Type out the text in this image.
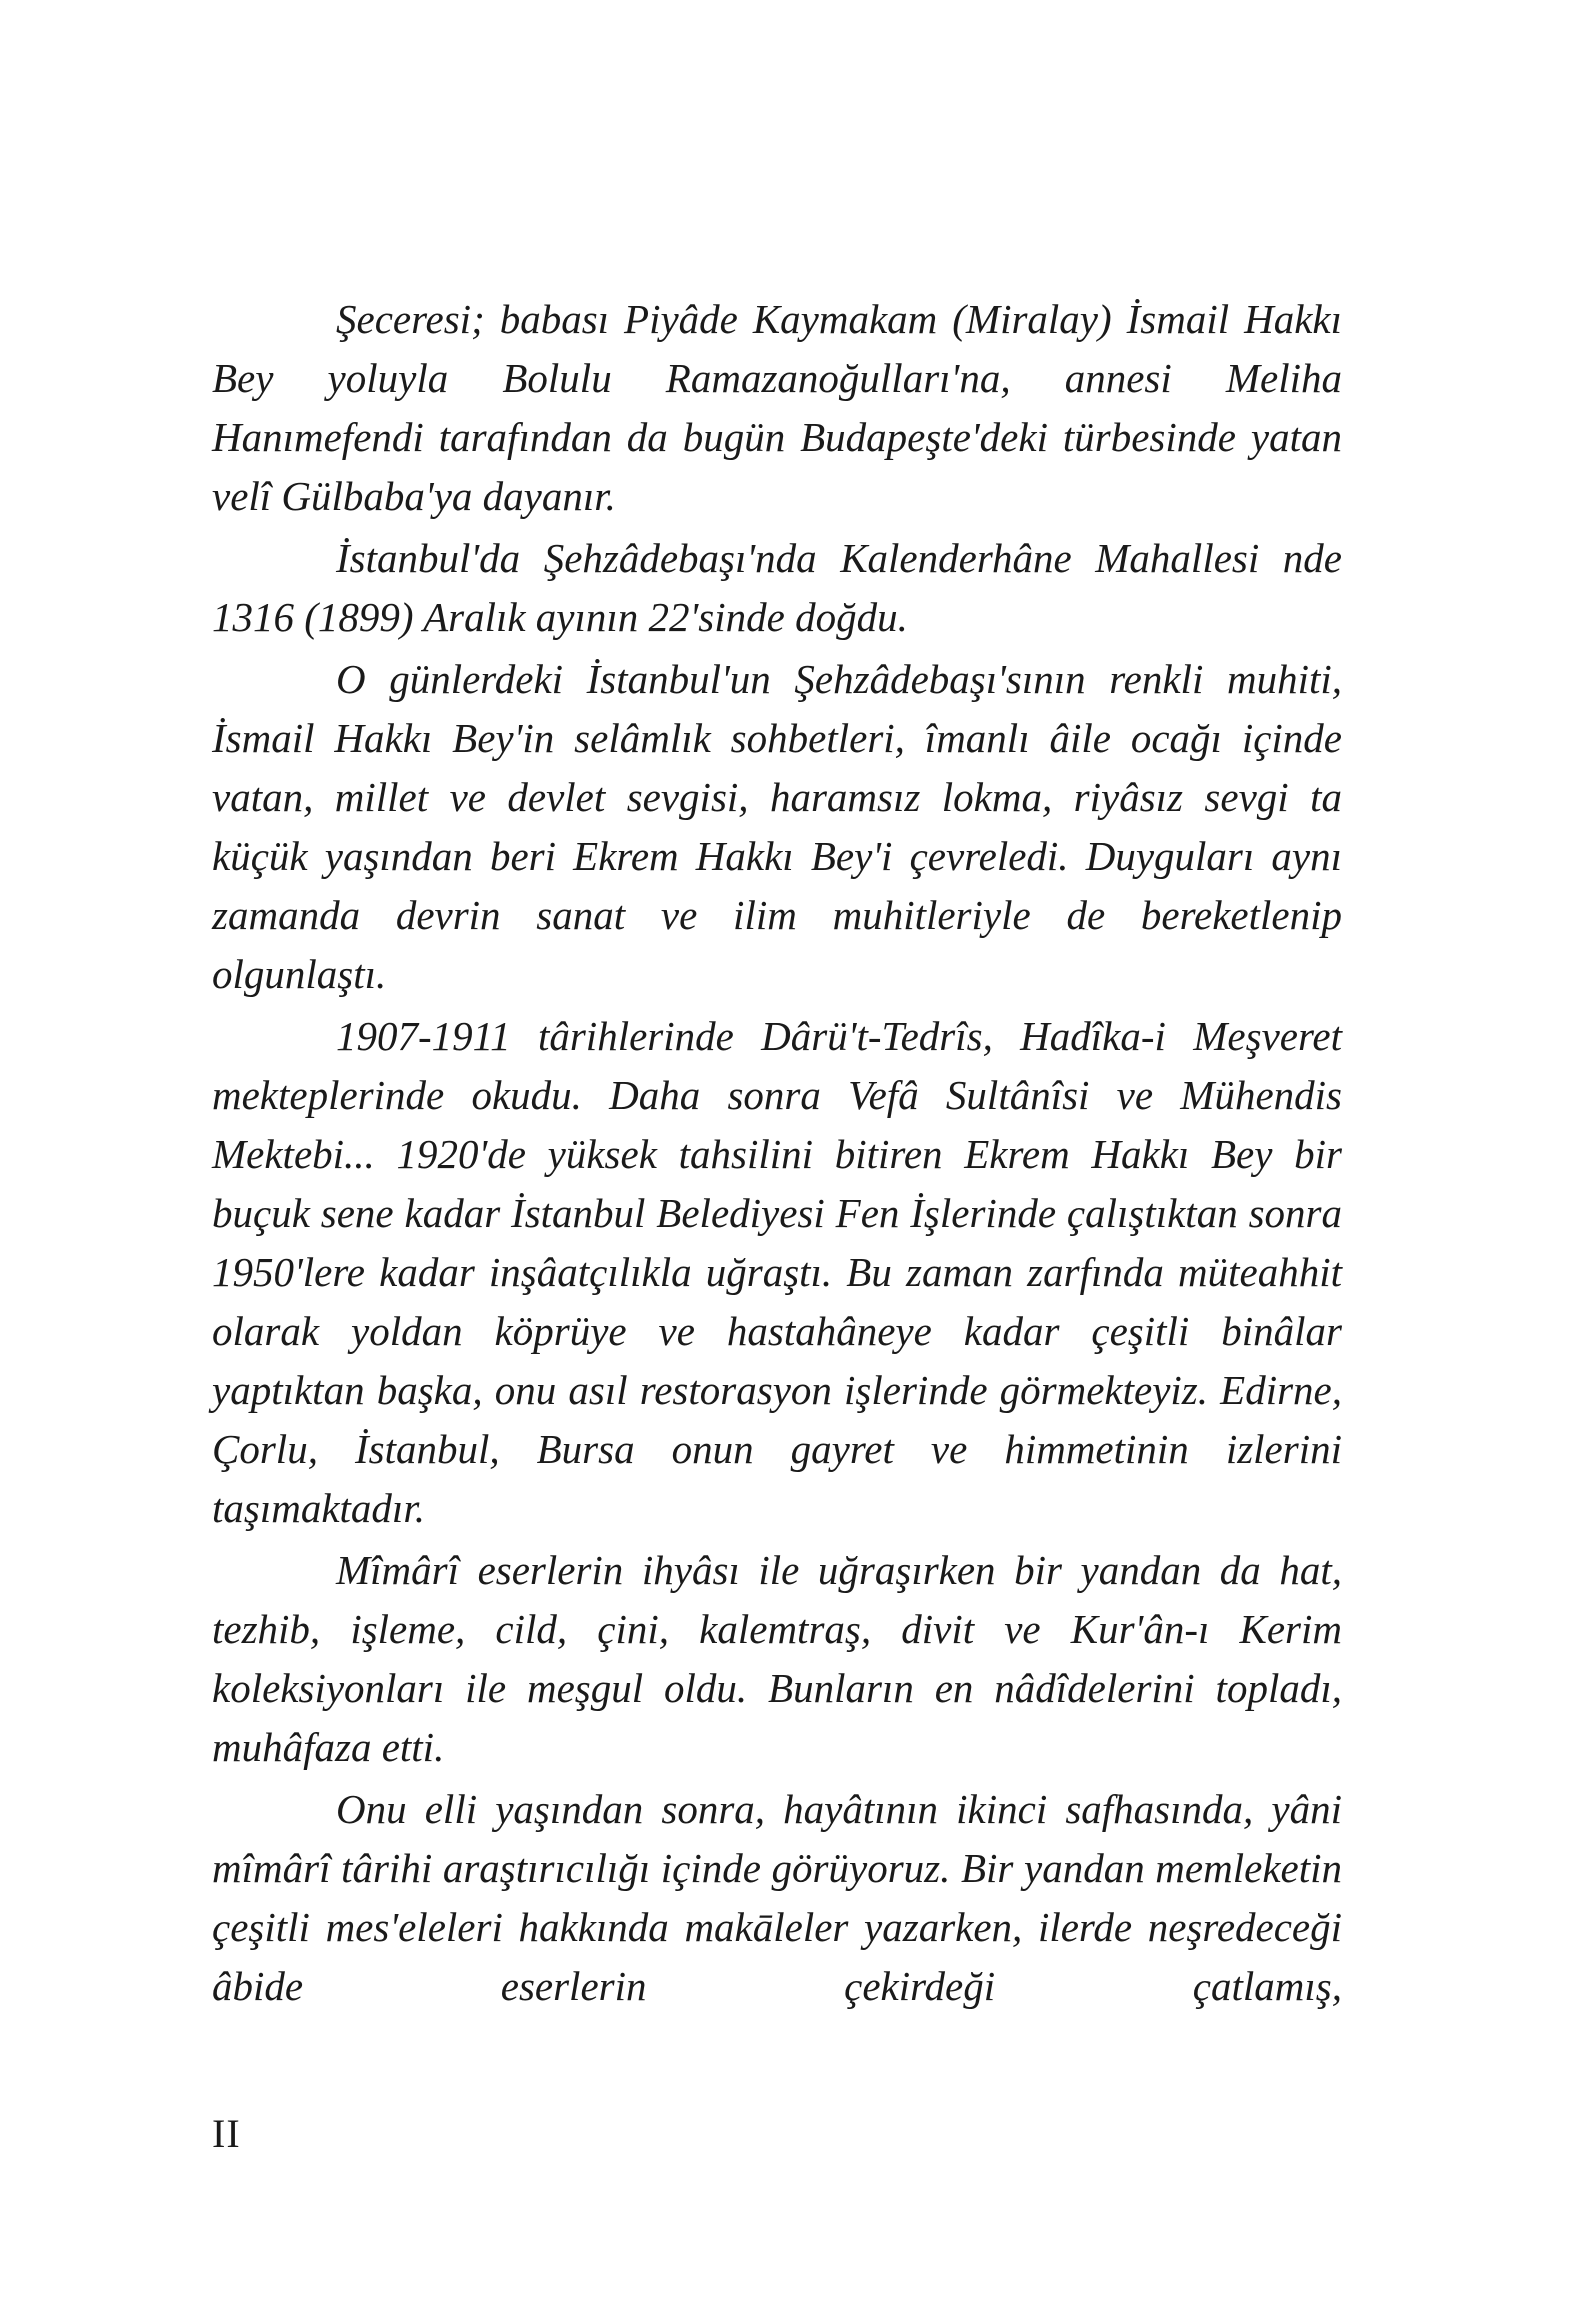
Şeceresi; babası Piyâde Kaymakam (Miralay) İsmail Hakkı Bey yoluyla Bolulu Ramazanoğulları'na, annesi Meliha Hanımefendi tarafından da bugün Budapeşte'deki türbesinde yatan velî Gülbaba'ya dayanır.

İstanbul'da Şehzâdebaşı'nda Kalenderhâne Mahallesi nde 1316 (1899) Aralık ayının 22'sinde doğdu.

O günlerdeki İstanbul'un Şehzâdebaşı'sının renkli muhiti, İsmail Hakkı Bey'in selâmlık sohbetleri, îmanlı âile ocağı içinde vatan, millet ve devlet sevgisi, haramsız lokma, riyâsız sevgi ta küçük yaşından beri Ekrem Hakkı Bey'i çevreledi. Duyguları aynı zamanda devrin sanat ve ilim muhitleriyle de bereketlenip olgunlaştı.

1907-1911 târihlerinde Dârü't-Tedrîs, Hadîka-i Meşveret mekteplerinde okudu. Daha sonra Vefâ Sultânîsi ve Mühendis Mektebi... 1920'de yüksek tahsilini bitiren Ekrem Hakkı Bey bir buçuk sene kadar İstanbul Belediyesi Fen İşlerinde çalıştıktan sonra 1950'lere kadar inşâatçılıkla uğraştı. Bu zaman zarfında müteahhit olarak yoldan köprüye ve hastahâneye kadar çeşitli binâlar yaptıktan başka, onu asıl restorasyon işlerinde görmekteyiz. Edirne, Çorlu, İstanbul, Bursa onun gayret ve himmetinin izlerini taşımaktadır.

Mîmârî eserlerin ihyâsı ile uğraşırken bir yandan da hat, tezhib, işleme, cild, çini, kalemtraş, divit ve Kur'ân-ı Kerim koleksiyonları ile meşgul oldu. Bunların en nâdîdelerini topladı, muhâfaza etti.

Onu elli yaşından sonra, hayâtının ikinci safhasında, yâni mîmârî târihi araştırıcılığı içinde görüyoruz. Bir yandan memleketin çeşitli mes'eleleri hakkında makāleler yazarken, ilerde neşredeceği âbide eserlerin çekirdeği çatlamış,

II
